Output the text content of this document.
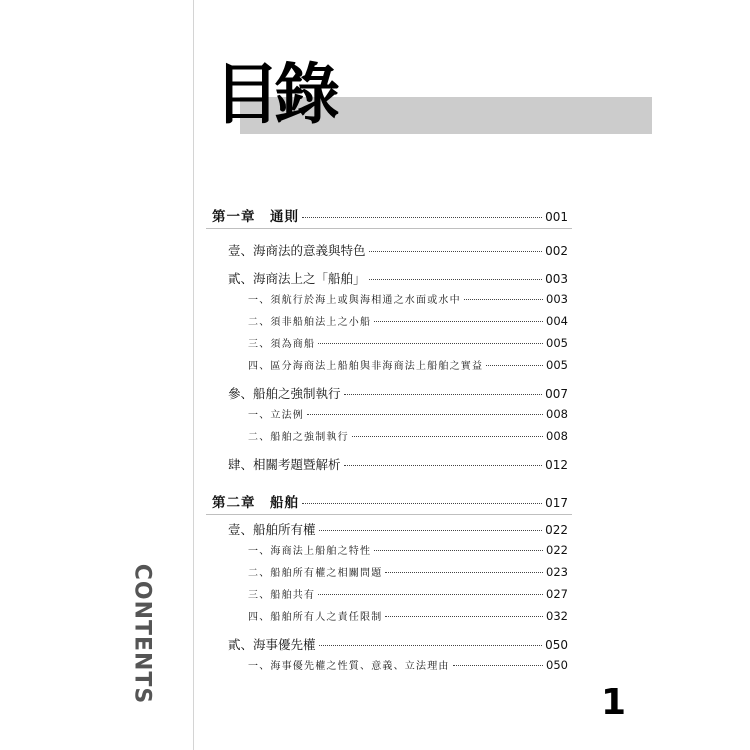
目錄
CONTENTS
第一章　通則	001
壹、海商法的意義與特色	002
貳、海商法上之「船舶」	003
一、須航行於海上或與海相通之水面或水中	003
二、須非船舶法上之小船	004
三、須為商船	005
四、區分海商法上船舶與非海商法上船舶之實益	005
參、船舶之強制執行	007
一、立法例	008
二、船舶之強制執行	008
肆、相關考題暨解析	012
第二章　船舶	017
壹、船舶所有權	022
一、海商法上船舶之特性	022
二、船舶所有權之相關問題	023
三、船舶共有	027
四、船舶所有人之責任限制	032
貳、海事優先權	050
一、海事優先權之性質、意義、立法理由	050
1
